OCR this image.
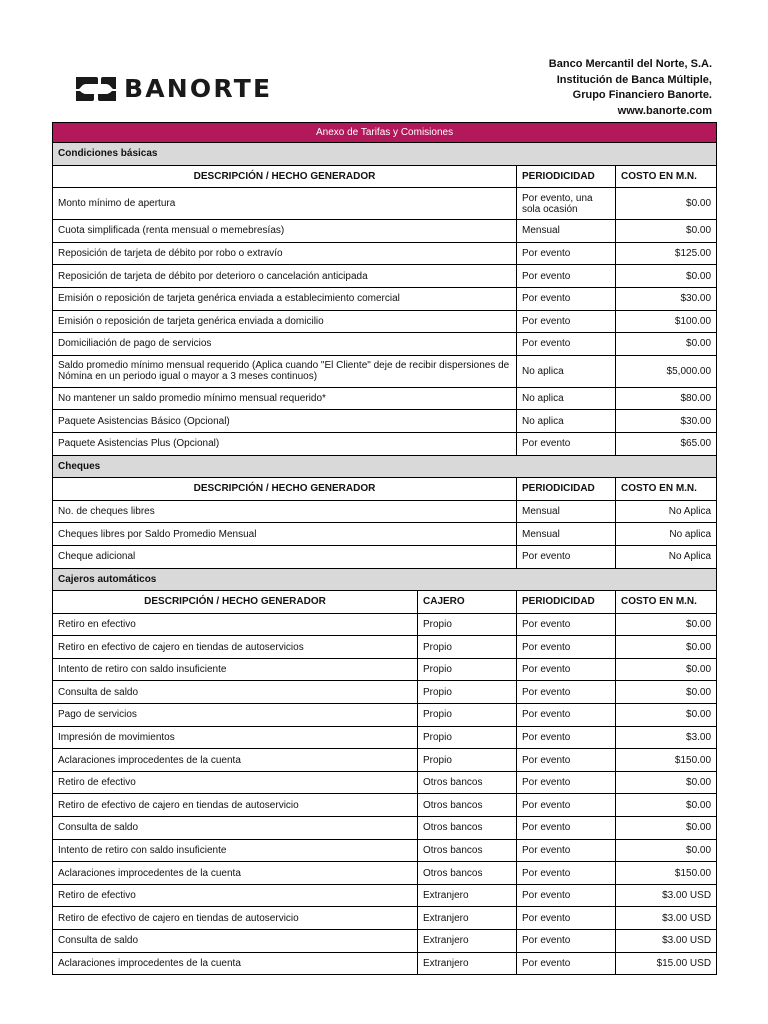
BANORTE
Banco Mercantil del Norte, S.A.
Institución de Banca Múltiple,
Grupo Financiero Banorte.
www.banorte.com
Anexo de Tarifas y Comisiones			
Condiciones básicas			
DESCRIPCIÓN / HECHO GENERADOR		PERIODICIDAD	COSTO EN M.N.
Monto mínimo de apertura		Por evento, una sola ocasión	$0.00
Cuota simplificada (renta mensual o memebresías)		Mensual	$0.00
Reposición de tarjeta de débito por robo o extravío		Por evento	$125.00
Reposición de tarjeta de débito por deterioro o cancelación anticipada		Por evento	$0.00
Emisión o reposición de tarjeta genérica enviada a establecimiento comercial		Por evento	$30.00
Emisión o reposición de tarjeta genérica enviada a domicilio		Por evento	$100.00
Domiciliación de pago de servicios		Por evento	$0.00
Saldo promedio mínimo mensual requerido (Aplica cuando "El Cliente" deje de recibir dispersiones de Nómina en un periodo igual o mayor a 3 meses continuos)		No aplica	$5,000.00
No mantener un saldo promedio mínimo mensual requerido*		No aplica	$80.00
Paquete Asistencias Básico (Opcional)		No aplica	$30.00
Paquete Asistencias Plus (Opcional)		Por evento	$65.00
Cheques			
DESCRIPCIÓN / HECHO GENERADOR		PERIODICIDAD	COSTO EN M.N.
No. de cheques libres		Mensual	No Aplica
Cheques libres por Saldo Promedio Mensual		Mensual	No aplica
Cheque adicional		Por evento	No Aplica
Cajeros automáticos			
DESCRIPCIÓN / HECHO GENERADOR	CAJERO	PERIODICIDAD	COSTO EN M.N.
Retiro en efectivo	Propio	Por evento	$0.00
Retiro en efectivo de cajero en tiendas de autoservicios	Propio	Por evento	$0.00
Intento de retiro con saldo insuficiente	Propio	Por evento	$0.00
Consulta de saldo	Propio	Por evento	$0.00
Pago de servicios	Propio	Por evento	$0.00
Impresión de movimientos	Propio	Por evento	$3.00
Aclaraciones improcedentes de la cuenta	Propio	Por evento	$150.00
Retiro de efectivo	Otros bancos	Por evento	$0.00
Retiro de efectivo de cajero en tiendas de autoservicio	Otros bancos	Por evento	$0.00
Consulta de saldo	Otros bancos	Por evento	$0.00
Intento de retiro con saldo insuficiente	Otros bancos	Por evento	$0.00
Aclaraciones improcedentes de la cuenta	Otros bancos	Por evento	$150.00
Retiro de efectivo	Extranjero	Por evento	$3.00 USD
Retiro de efectivo de cajero en tiendas de autoservicio	Extranjero	Por evento	$3.00 USD
Consulta de saldo	Extranjero	Por evento	$3.00 USD
Aclaraciones improcedentes de la cuenta	Extranjero	Por evento	$15.00 USD
